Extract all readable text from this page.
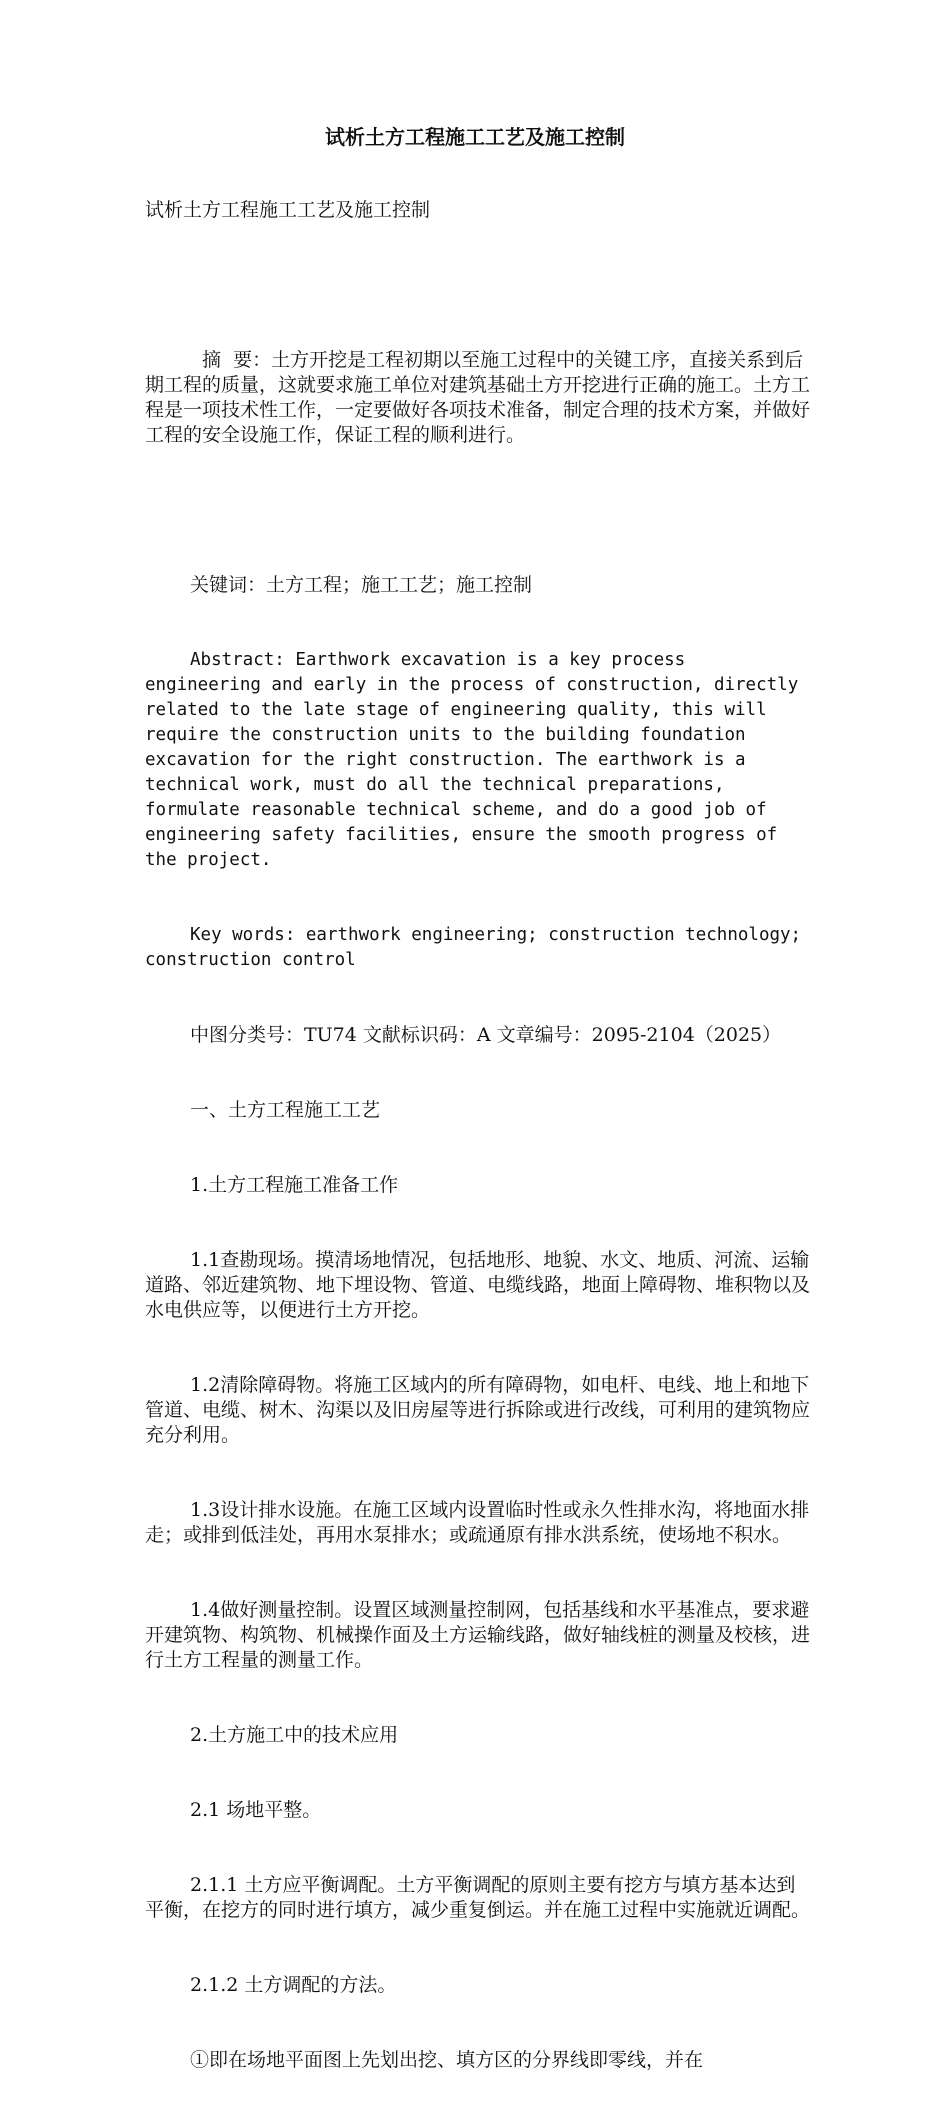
试析土方工程施工工艺及施工控制

试析土方工程施工工艺及施工控制

摘  要：土方开挖是工程初期以至施工过程中的关键工序，直接关系到后期工程的质量，这就要求施工单位对建筑基础土方开挖进行正确的施工。土方工程是一项技术性工作，一定要做好各项技术准备，制定合理的技术方案，并做好工程的安全设施工作，保证工程的顺利进行。

关键词：土方工程；施工工艺；施工控制

Abstract: Earthwork excavation is a key process engineering and early in the process of construction, directly related to the late stage of engineering quality, this will require the construction units to the building foundation excavation for the right construction. The earthwork is a technical work, must do all the technical preparations, formulate reasonable technical scheme, and do a good job of engineering safety facilities, ensure the smooth progress of the project.

Key words: earthwork engineering; construction technology; construction control

中图分类号：TU74 文献标识码：A 文章编号：2095-2104（2025）

一、土方工程施工工艺

1.土方工程施工准备工作

1.1查勘现场。摸清场地情况，包括地形、地貌、水文、地质、河流、运输道路、邻近建筑物、地下埋设物、管道、电缆线路，地面上障碍物、堆积物以及水电供应等，以便进行土方开挖。

1.2清除障碍物。将施工区域内的所有障碍物，如电杆、电线、地上和地下管道、电缆、树木、沟渠以及旧房屋等进行拆除或进行改线，可利用的建筑物应充分利用。

1.3设计排水设施。在施工区域内设置临时性或永久性排水沟，将地面水排走；或排到低洼处，再用水泵排水；或疏通原有排水洪系统，使场地不积水。

1.4做好测量控制。设置区域测量控制网，包括基线和水平基准点，要求避开建筑物、构筑物、机械操作面及土方运输线路，做好轴线桩的测量及校核，进行土方工程量的测量工作。

2.土方施工中的技术应用

2.1 场地平整。

2.1.1 土方应平衡调配。土方平衡调配的原则主要有挖方与填方基本达到平衡，在挖方的同时进行填方，减少重复倒运。并在施工过程中实施就近调配。

2.1.2 土方调配的方法。

①即在场地平面图上先划出挖、填方区的分界线即零线，并在
